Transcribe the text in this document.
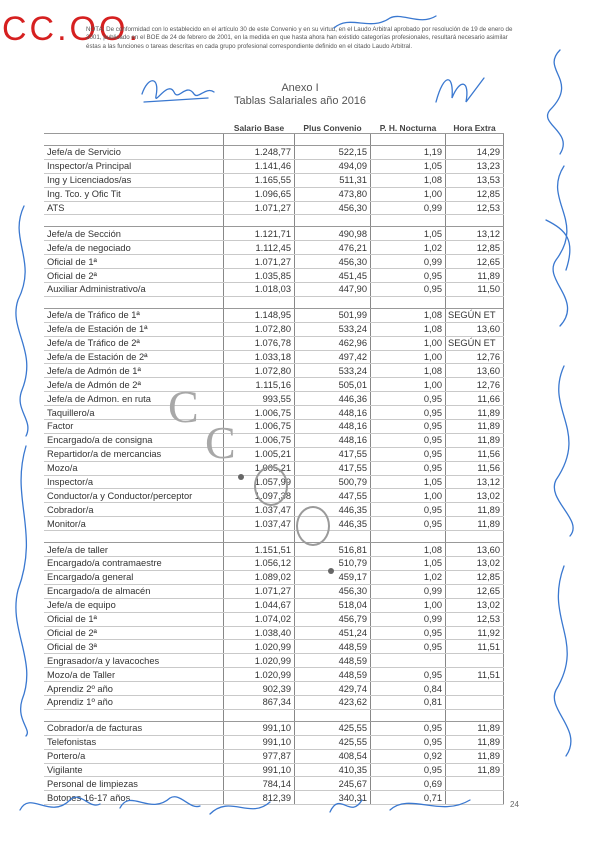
CC.OO.
NOTA: De conformidad con lo establecido en el artículo 30 de este Convenio y en su virtud, en el Laudo Arbitral aprobado por resolución de 19 de enero de 2001, publicado en el BOE de 24 de febrero de 2001, en la medida en que hasta ahora han existido categorías profesionales, resultará necesario asimilar éstas a las funciones o tareas descritas en cada grupo profesional correspondiente definido en el citado Laudo Arbitral.
Anexo I
Tablas Salariales año 2016
	Salario Base	Plus Convenio	P. H. Nocturna	Hora Extra

Jefe/a de Servicio	1.248,77	522,15	1,19	14,29
Inspector/a Principal	1.141,46	494,09	1,05	13,23
Ing y Licenciados/as	1.165,55	511,31	1,08	13,53
Ing. Tco. y Ofic Tit	1.096,65	473,80	1,00	12,85
ATS	1.071,27	456,30	0,99	12,53

Jefe/a de Sección	1.121,71	490,98	1,05	13,12
Jefe/a de negociado	1.112,45	476,21	1,02	12,85
Oficial de 1ª	1.071,27	456,30	0,99	12,65
Oficial de 2ª	1.035,85	451,45	0,95	11,89
Auxiliar Administrativo/a	1.018,03	447,90	0,95	11,50

Jefe/a de Tráfico de 1ª	1.148,95	501,99	1,08	SEGÚN ET
Jefe/a de Estación de 1ª	1.072,80	533,24	1,08	13,60
Jefe/a de Tráfico de 2ª	1.076,78	462,96	1,00	SEGÚN ET
Jefe/a de Estación de 2ª	1.033,18	497,42	1,00	12,76
Jefe/a de Admón de 1ª	1.072,80	533,24	1,08	13,60
Jefe/a de Admón de 2ª	1.115,16	505,01	1,00	12,76
Jefe/a de Admon. en ruta	993,55	446,36	0,95	11,66
Taquillero/a	1.006,75	448,16	0,95	11,89
Factor	1.006,75	448,16	0,95	11,89
Encargado/a de consigna	1.006,75	448,16	0,95	11,89
Repartidor/a de mercancias	1.005,21	417,55	0,95	11,56
Mozo/a	1.005,21	417,55	0,95	11,56
Inspector/a	1.057,99	500,79	1,05	13,12
Conductor/a y Conductor/perceptor	1.097,38	447,55	1,00	13,02
Cobrador/a	1.037,47	446,35	0,95	11,89
Monitor/a	1.037,47	446,35	0,95	11,89

Jefe/a de taller	1.151,51	516,81	1,08	13,60
Encargado/a contramaestre	1.056,12	510,79	1,05	13,02
Encargado/a general	1.089,02	459,17	1,02	12,85
Encargado/a de almacén	1.071,27	456,30	0,99	12,65
Jefe/a de equipo	1.044,67	518,04	1,00	13,02
Oficial de 1ª	1.074,02	456,79	0,99	12,53
Oficial de 2ª	1.038,40	451,24	0,95	11,92
Oficial de 3ª	1.020,99	448,59	0,95	11,51
Engrasador/a y lavacoches	1.020,99	448,59		
Mozo/a de Taller	1.020,99	448,59	0,95	11,51
Aprendiz 2º año	902,39	429,74	0,84	
Aprendiz 1º año	867,34	423,62	0,81	

Cobrador/a de facturas	991,10	425,55	0,95	11,89
Telefonistas	991,10	425,55	0,95	11,89
Portero/a	977,87	408,54	0,92	11,89
Vigilante	991,10	410,35	0,95	11,89
Personal de limpiezas	784,14	245,67	0,69	
Botones 16-17 años	812,39	340,31	0,71	
C
C
24
